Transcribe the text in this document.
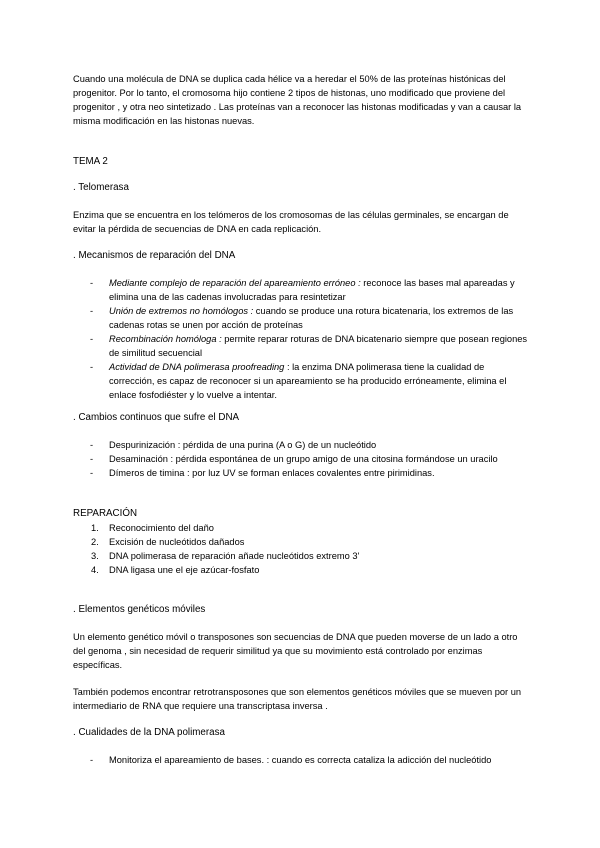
Cuando una molécula de DNA se duplica cada hélice va a heredar el 50% de las proteínas histónicas del progenitor. Por lo tanto, el cromosoma hijo contiene 2 tipos de histonas, uno modificado que proviene del progenitor , y otra neo sintetizado . Las proteínas van a reconocer las histonas modificadas y van a causar la misma modificación en las histonas nuevas.

TEMA 2
. Telomerasa

Enzima que se encuentra en los telómeros de los cromosomas de las células germinales, se encargan de evitar la pérdida de secuencias de DNA en cada replicación.

. Mecanismos de reparación del DNA
- Mediante complejo de reparación del apareamiento erróneo : reconoce las bases mal apareadas y elimina una de las cadenas involucradas para resintetizar
- Unión de extremos no homólogos : cuando se produce una rotura bicatenaria, los extremos de las cadenas rotas se unen por acción de proteínas
- Recombinación homóloga : permite reparar roturas de DNA bicatenario siempre que posean regiones de similitud secuencial
- Actividad de DNA polimerasa proofreading : la enzima DNA polimerasa tiene la cualidad de corrección, es capaz de reconocer si un apareamiento se ha producido erróneamente, elimina el enlace fosfodiéster y lo vuelve a intentar.
. Cambios continuos que sufre el DNA
- Despurinización : pérdida de una purina (A o G) de un nucleótido
- Desaminación : pérdida espontánea de un grupo amigo de una citosina formándose un uracilo
- Dímeros de timina : por luz UV se forman enlaces covalentes entre pirimidinas.
REPARACIÓN
1. Reconocimiento del daño
2. Excisión de nucleótidos dañados
3. DNA polimerasa de reparación añade nucleótidos extremo 3'
4. DNA ligasa une el eje azúcar-fosfato
. Elementos genéticos móviles

Un elemento genético móvil o transposones son secuencias de DNA que pueden moverse de un lado a otro del genoma , sin necesidad de requerir similitud ya que su movimiento está controlado por enzimas específicas.

También podemos encontrar retrotransposones que son elementos genéticos móviles que se mueven por un intermediario de RNA que requiere una transcriptasa inversa .

. Cualidades de la DNA polimerasa
- Monitoriza el apareamiento de bases. : cuando es correcta cataliza la adicción del nucleótido
